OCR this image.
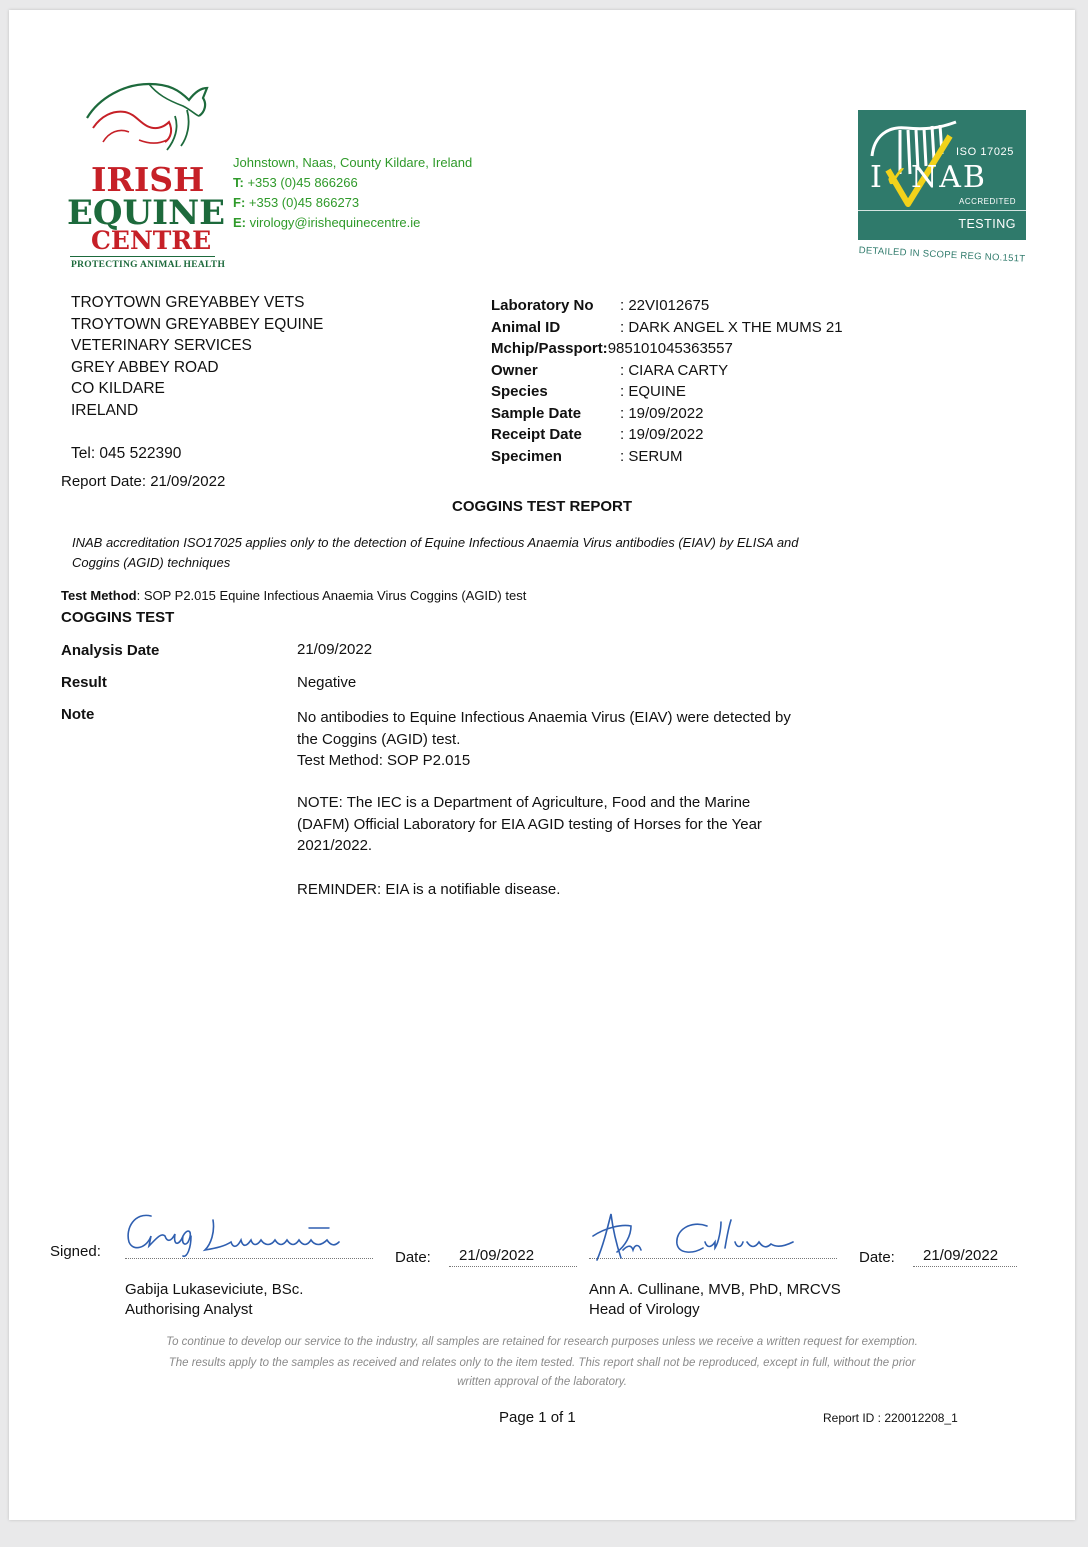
IRISH
EQUINE
CENTRE
PROTECTING ANIMAL HEALTH
Johnstown, Naas, County Kildare, Ireland
T: +353 (0)45 866266
F: +353 (0)45 866273
E: virology@irishequinecentre.ie
ISO 17025
I✓NAB
ACCREDITED
TESTING
DETAILED IN SCOPE REG NO.151T
TROYTOWN GREYABBEY VETS
TROYTOWN GREYABBEY EQUINE
VETERINARY SERVICES
GREY ABBEY ROAD
CO KILDARE
IRELAND
Tel: 045 522390
Laboratory No	: 22VI012675
Animal ID	: DARK ANGEL X THE MUMS 21
Mchip/Passport: 985101045363557
Owner	: CIARA CARTY
Species	: EQUINE
Sample Date	: 19/09/2022
Receipt Date	: 19/09/2022
Specimen	: SERUM
Report Date: 21/09/2022
COGGINS TEST REPORT
INAB accreditation ISO17025 applies only to the detection of Equine Infectious Anaemia Virus antibodies (EIAV) by ELISA and
Coggins (AGID) techniques
Test Method: SOP P2.015 Equine Infectious Anaemia Virus Coggins (AGID) test
COGGINS TEST
Analysis Date	21/09/2022
Result	Negative
Note	No antibodies to Equine Infectious Anaemia Virus (EIAV) were detected by
the Coggins (AGID) test.
Test Method: SOP P2.015
NOTE: The IEC is a Department of Agriculture, Food and the Marine
(DAFM) Official Laboratory for EIA AGID testing of Horses for the Year
2021/2022.
REMINDER: EIA is a notifiable disease.
Signed:	Date: 21/09/2022
Gabija Lukaseviciute, BSc.
Authorising Analyst
Date: 21/09/2022
Ann A. Cullinane, MVB, PhD, MRCVS
Head of Virology
To continue to develop our service to the industry, all samples are retained for research purposes unless we receive a written request for exemption.
The results apply to the samples as received and relates only to the item tested. This report shall not be reproduced, except in full, without the prior
written approval of the laboratory.
Page 1 of 1	Report ID : 220012208_1
